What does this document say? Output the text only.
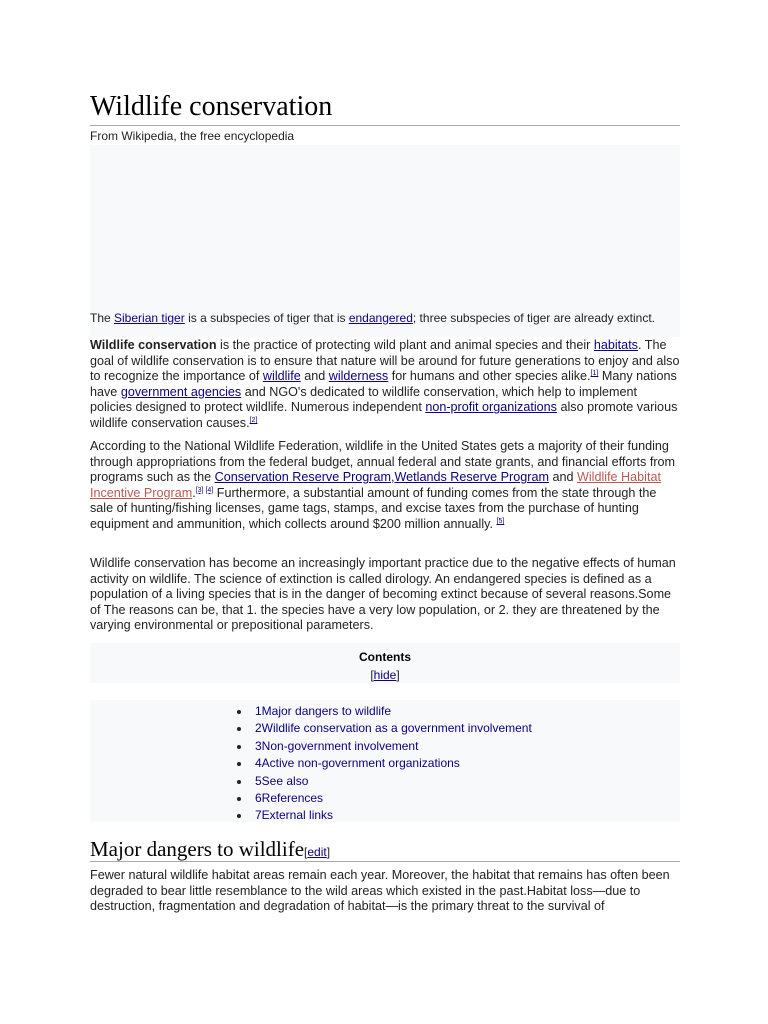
Wildlife conservation
From Wikipedia, the free encyclopedia
The Siberian tiger is a subspecies of tiger that is endangered; three subspecies of tiger are already extinct.

Wildlife conservation is the practice of protecting wild plant and animal species and their habitats. The goal of wildlife conservation is to ensure that nature will be around for future generations to enjoy and also to recognize the importance of wildlife and wilderness for humans and other species alike.[1] Many nations have government agencies and NGO's dedicated to wildlife conservation, which help to implement policies designed to protect wildlife. Numerous independent non-profit organizations also promote various wildlife conservation causes.[2]

According to the National Wildlife Federation, wildlife in the United States gets a majority of their funding through appropriations from the federal budget, annual federal and state grants, and financial efforts from programs such as the Conservation Reserve Program,Wetlands Reserve Program and Wildlife Habitat Incentive Program.[3] [4] Furthermore, a substantial amount of funding comes from the state through the sale of hunting/fishing licenses, game tags, stamps, and excise taxes from the purchase of hunting equipment and ammunition, which collects around $200 million annually. [5]

Wildlife conservation has become an increasingly important practice due to the negative effects of human activity on wildlife. The science of extinction is called dirology. An endangered species is defined as a population of a living species that is in the danger of becoming extinct because of several reasons.Some of The reasons can be, that 1. the species have a very low population, or 2. they are threatened by the varying environmental or prepositional parameters.

Contents
[hide]
1Major dangers to wildlife
2Wildlife conservation as a government involvement
3Non-government involvement
4Active non-government organizations
5See also
6References
7External links
Major dangers to wildlife[edit]

Fewer natural wildlife habitat areas remain each year. Moreover, the habitat that remains has often been degraded to bear little resemblance to the wild areas which existed in the past.Habitat loss—due to destruction, fragmentation and degradation of habitat—is the primary threat to the survival of
